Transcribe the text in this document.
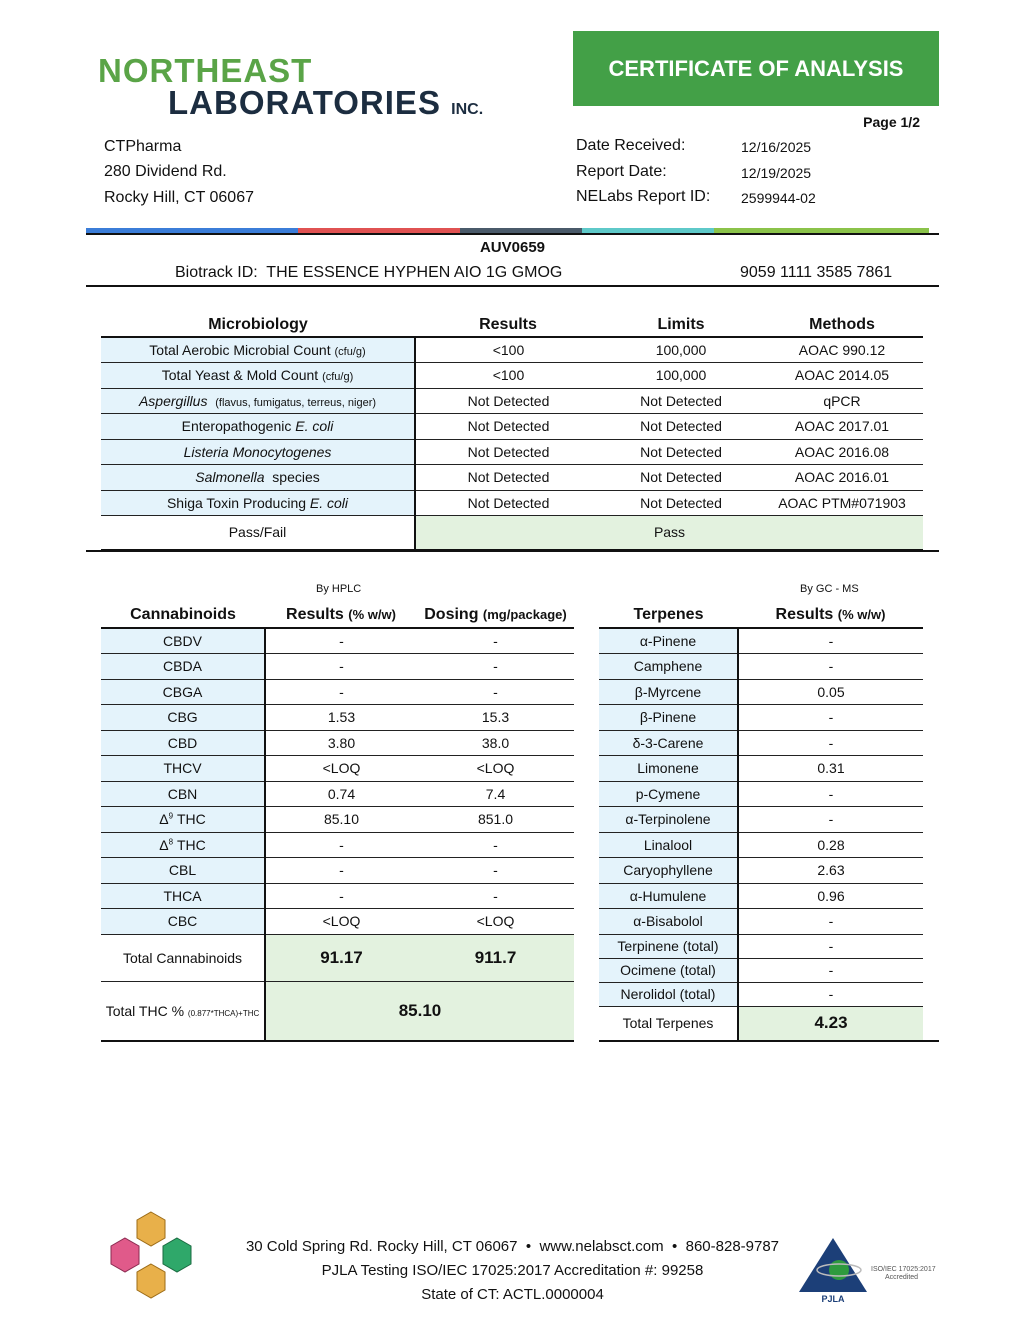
NORTHEAST
LABORATORIES INC.
CERTIFICATE OF ANALYSIS
Page 1/2
CTPharma
280 Dividend Rd.
Rocky Hill, CT 06067
Date Received:	12/16/2025
Report Date:	12/19/2025
NELabs Report ID: 2599944-02
AUV0659
Biotrack ID: THE ESSENCE HYPHEN AIO 1G GMOG	9059 1111 3585 7861
Microbiology	Results	Limits	Methods
Total Aerobic Microbial Count (cfu/g)	<100	100,000	AOAC 990.12
Total Yeast & Mold Count (cfu/g)	<100	100,000	AOAC 2014.05
Aspergillus (flavus, fumigatus, terreus, niger)	Not Detected	Not Detected	qPCR
Enteropathogenic E. coli	Not Detected	Not Detected	AOAC 2017.01
Listeria Monocytogenes	Not Detected	Not Detected	AOAC 2016.08
Salmonella species	Not Detected	Not Detected	AOAC 2016.01
Shiga Toxin Producing E. coli	Not Detected	Not Detected	AOAC PTM#071903
Pass/Fail	Pass		
By HPLC	By GC - MS
Cannabinoids	Results (% w/w)	Dosing (mg/package)
CBDV	-	-
CBDA	-	-
CBGA	-	-
CBG	1.53	15.3
CBD	3.80	38.0
THCV	<LOQ	<LOQ
CBN	0.74	7.4
$\Delta^9$ THC	85.10	851.0
$\Delta^8$ THC	-	-
CBL	-	-
THCA	-	-
CBC	<LOQ	<LOQ
Total Cannabinoids	91.17	911.7
Total THC % (0.877*THCA)+THC	85.10	
Terpenes	Results (% w/w)	
α-Pinene	-	
Camphene	-	
β-Myrcene	0.05	
β-Pinene	-	
δ-3-Carene	-	
Limonene	0.31	
p-Cymene	-	
α-Terpinolene	-	
Linalool	0.28	
Caryophyllene	2.63	
α-Humulene	0.96	
α-Bisabolol	-	
Terpinene (total)	-	
Ocimene (total)	-	
Nerolidol (total)	-	
Total Terpenes	4.23	
30 Cold Spring Rd. Rocky Hill, CT 06067 • www.nelabsct.com • 860-828-9787
PJLA Testing ISO/IEC 17025:2017 Accreditation #: 99258
State of CT: ACTL.0000004	PJLA
ISO/IEC 17025:2017
Accredited
